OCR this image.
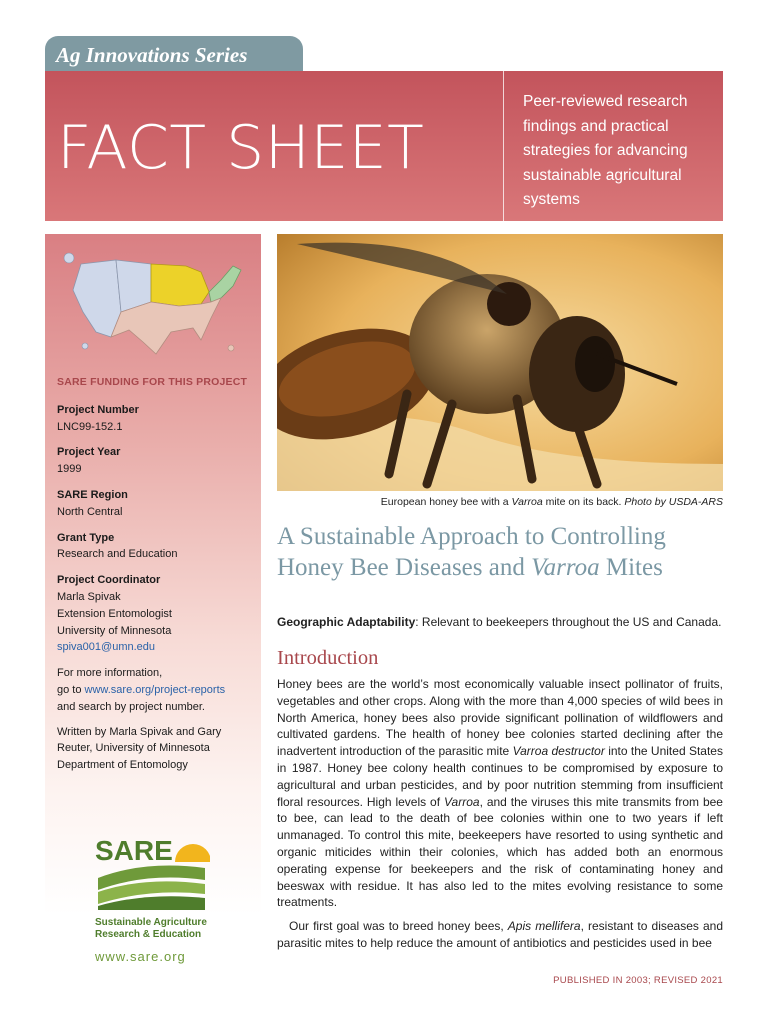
Ag Innovations Series
FACT SHEET
Peer-reviewed research findings and practical strategies for advancing sustainable agricultural systems
SARE FUNDING FOR THIS PROJECT
Project Number
LNC99-152.1
Project Year
1999
SARE Region
North Central
Grant Type
Research and Education
Project Coordinator
Marla Spivak
Extension Entomologist
University of Minnesota
spiva001@umn.edu
For more information,
go to www.sare.org/project-reports
and search by project number.
Written by Marla Spivak and Gary Reuter, University of Minnesota Department of Entomology
SARE
Sustainable Agriculture
Research & Education
www.sare.org
European honey bee with a Varroa mite on its back. Photo by USDA-ARS
A Sustainable Approach to Controlling
Honey Bee Diseases and Varroa Mites
Geographic Adaptability: Relevant to beekeepers throughout the US and Canada.
Introduction

Honey bees are the world’s most economically valuable insect pollinator of fruits, vegetables and other crops. Along with the more than 4,000 species of wild bees in North America, honey bees also provide significant pollination of wildflowers and cultivated gardens. The health of honey bee colonies started declining after the inadvertent introduction of the parasitic mite Varroa destructor into the United States in 1987. Honey bee colony health continues to be compromised by exposure to agricultural and urban pesticides, and by poor nutrition stemming from insufficient floral resources. High levels of Varroa, and the viruses this mite transmits from bee to bee, can lead to the death of bee colonies within one to two years if left unmanaged. To control this mite, beekeepers have resorted to using synthetic and organic miticides within their colonies, which has added both an enormous operating expense for beekeepers and the risk of contaminating honey and beeswax with residue. It has also led to the mites evolving resistance to some treatments.

Our first goal was to breed honey bees, Apis mellifera, resistant to diseases and parasitic mites to help reduce the amount of antibiotics and pesticides used in bee

PUBLISHED IN 2003; REVISED 2021
